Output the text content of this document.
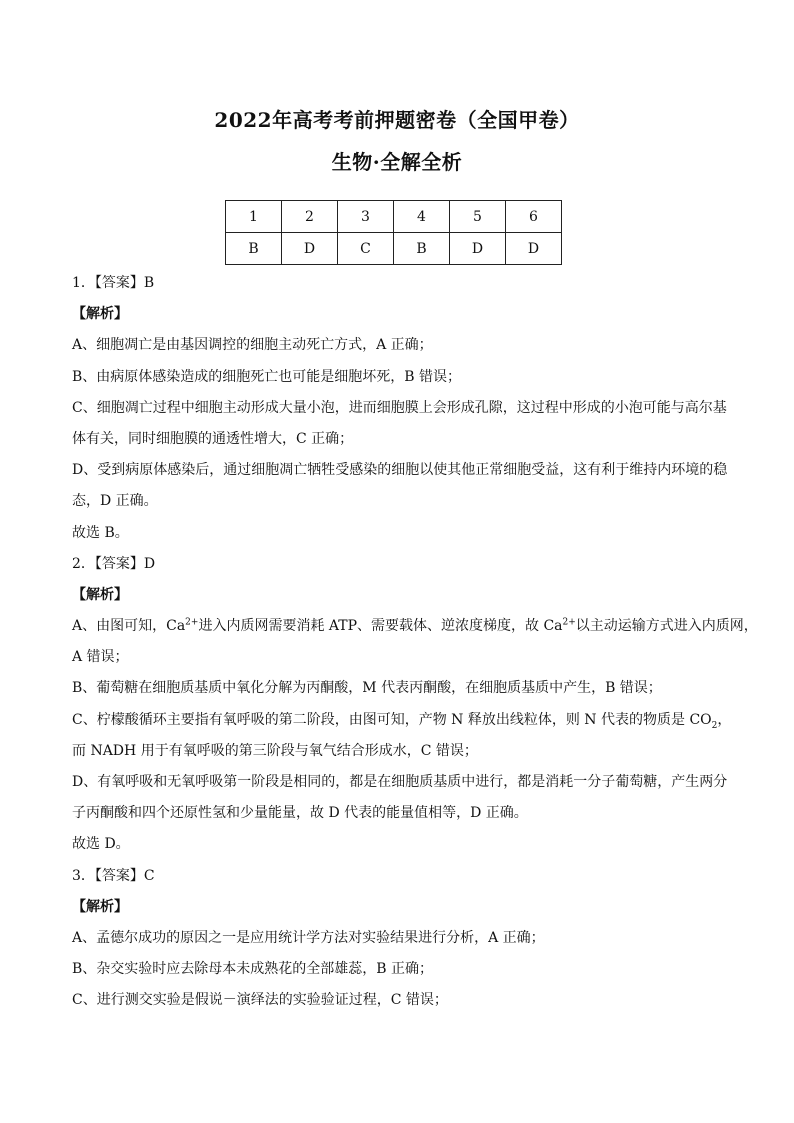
2022年高考考前押题密卷（全国甲卷）
生物·全解全析
1	2	3	4	5	6
B	D	C	B	D	D
1．【答案】B
【解析】
A、细胞凋亡是由基因调控的细胞主动死亡方式，A 正确；
B、由病原体感染造成的细胞死亡也可能是细胞坏死，B 错误；
C、细胞凋亡过程中细胞主动形成大量小泡，进而细胞膜上会形成孔隙，这过程中形成的小泡可能与高尔基
体有关，同时细胞膜的通透性增大，C 正确；
D、受到病原体感染后，通过细胞凋亡牺牲受感染的细胞以使其他正常细胞受益，这有利于维持内环境的稳
态，D 正确。
故选 B。
2．【答案】D
【解析】
A、由图可知，$Ca^{2+}$进入内质网需要消耗 ATP、需要载体、逆浓度梯度，故 $Ca^{2+}$以主动运输方式进入内质网，
A 错误；
B、葡萄糖在细胞质基质中氧化分解为丙酮酸，M 代表丙酮酸，在细胞质基质中产生，B 错误；
C、柠檬酸循环主要指有氧呼吸的第二阶段，由图可知，产物 N 释放出线粒体，则 N 代表的物质是 $CO_2$，
而 NADH 用于有氧呼吸的第三阶段与氧气结合形成水，C 错误；
D、有氧呼吸和无氧呼吸第一阶段是相同的，都是在细胞质基质中进行，都是消耗一分子葡萄糖，产生两分
子丙酮酸和四个还原性氢和少量能量，故 D 代表的能量值相等，D 正确。
故选 D。
3．【答案】C
【解析】
A、孟德尔成功的原因之一是应用统计学方法对实验结果进行分析，A 正确；
B、杂交实验时应去除母本未成熟花的全部雄蕊，B 正确；
C、进行测交实验是假说－演绎法的实验验证过程，C 错误；
